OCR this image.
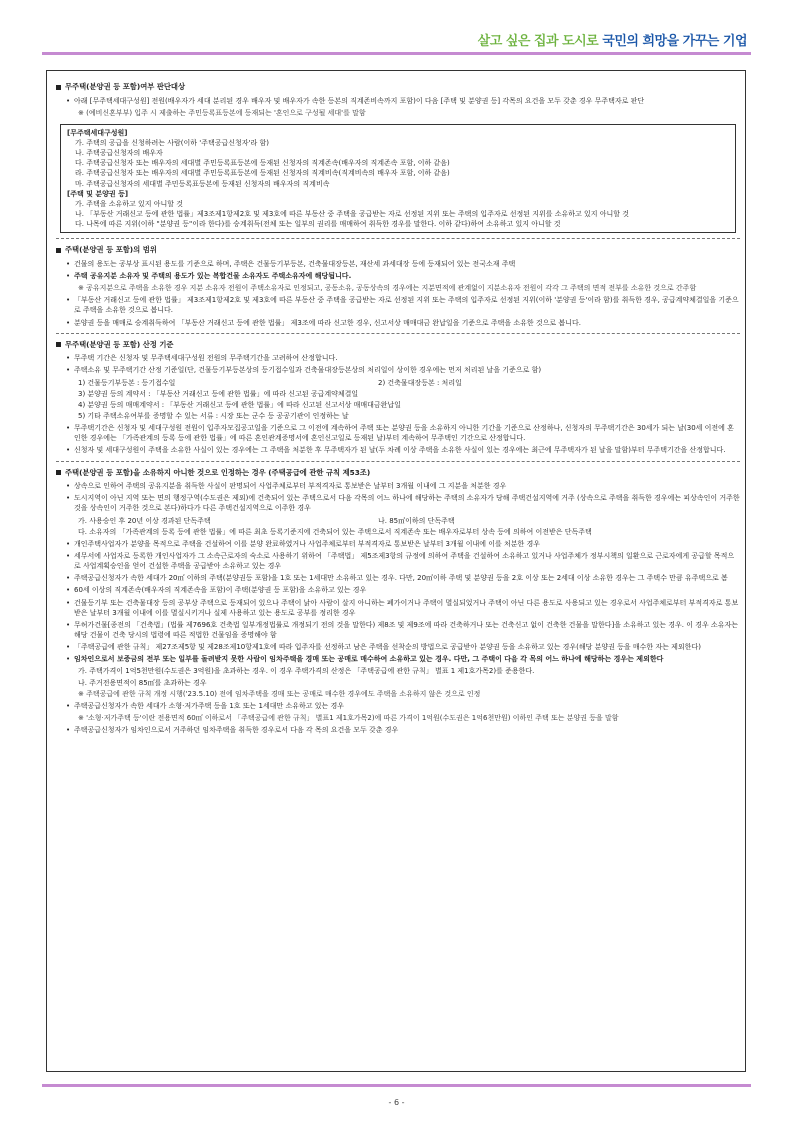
살고 싶은 집과 도시로 국민의 희망을 가꾸는 기업
무주택(분양권 등 포함)여부 판단대상
• 아래 [무주택세대구성원] 전원(배우자가 세대 분리된 경우 배우자 및 배우자가 속한 등본의 직계존비속까지 포함)이 다음 [주택 및 분양권 등] 각목의 요건을 모두 갖춘 경우 무주택자로 판단
※ (예비신혼부부) 입주 시 제출하는 주민등록표등본에 등재되는 '혼인으로 구성될 세대'를 말함
[무주택세대구성원]
가. 주택의 공급을 신청하려는 사람(이하 '주택공급신청자'라 함)
나. 주택공급신청자의 배우자
다. 주택공급신청자 또는 배우자의 세대별 주민등록표등본에 등재된 신청자의 직계존속(배우자의 직계존속 포함, 이하 같음)
라. 주택공급신청자 또는 배우자의 세대별 주민등록표등본에 등재된 신청자의 직계비속(직계비속의 배우자 포함, 이하 같음)
마. 주택공급신청자의 세대별 주민등록표등본에 등재된 신청자의 배우자의 직계비속
[주택 및 분양권 등]
가. 주택을 소유하고 있지 아니할 것
나. 「부동산 거래신고 등에 관한 법률」제3조제1항제2호 및 제3호에 따른 부동산 중 주택을 공급받는 자로 선정된 지위 또는 주택의 입주자로 선정된 지위를 소유하고 있지 아니할 것
다. 나목에 따른 지위(이하 "분양권 등"이라 한다)를 승계취득(전체 또는 일부의 권리를 매매하여 취득한 경우를 말한다. 이하 같다)하여 소유하고 있지 아니할 것
주택(분양권 등 포함)의 범위
• 건물의 용도는 공부상 표시된 용도를 기준으로 하며, 주택은 건물등기부등본, 건축물대장등본, 재산세 과세대장 등에 등재되어 있는 전국소재 주택
• 주택 공유지분 소유자 및 주택의 용도가 있는 복합건물 소유자도 주택소유자에 해당됩니다.
※ 공유지분으로 주택을 소유한 경우 지분 소유자 전원이 주택소유자로 인정되고, 공동소유, 공동상속의 경우에는 지분면적에 관계없이 지분소유자 전원이 각각 그 주택의 면적 전부를 소유한 것으로 간주함
• 「부동산 거래신고 등에 관한 법률」 제3조제1항제2호 및 제3호에 따른 부동산 중 주택을 공급받는 자로 선정된 지위 또는 주택의 입주자로 선정된 지위(이하 '분양권 등'이라 함)를 취득한 경우, 공급계약체결일을 기준으로 주택을 소유한 것으로 봅니다.
• 분양권 등을 매매로 승계취득하여 「부동산 거래신고 등에 관한 법률」 제3조에 따라 신고한 경우, 신고서상 매매대금 완납일을 기준으로 주택을 소유한 것으로 봅니다.
무주택(분양권 등 포함) 산정 기준
• 무주택 기간은 신청자 및 무주택세대구성원 전원의 무주택기간을 고려하여 산정합니다.
• 주택소유 및 무주택기간 산정 기준일(단, 건물등기부등본상의 등기접수일과 건축물대장등본상의 처리일이 상이한 경우에는 먼저 처리된 날을 기준으로 함)
1) 건물등기부등본 : 등기접수일	2) 건축물대장등본 : 처리일
3) 분양권 등의 계약서 : 「부동산 거래신고 등에 관한 법률」에 따라 신고된 공급계약체결일
4) 분양권 등의 매매계약서 : 「부동산 거래신고 등에 관한 법률」에 따라 신고된 신고서상 매매대금완납일
5) 기타 주택소유여부를 증명할 수 있는 서류 : 시장 또는 군수 등 공공기관이 인정하는 날
• 무주택기간은 신청자 및 세대구성원 전원이 입주자모집공고일을 기준으로 그 이전에 계속하여 주택 또는 분양권 등을 소유하지 아니한 기간을 기준으로 산정하나, 신청자의 무주택기간은 30세가 되는 날(30세 이전에 혼인한 경우에는 「가족관계의 등록 등에 관한 법률」에 따른 혼인관계증명서에 혼인신고일로 등재된 날)부터 계속하여 무주택인 기간으로 산정합니다.
• 신청자 및 세대구성원이 주택을 소유한 사실이 있는 경우에는 그 주택을 처분한 후 무주택자가 된 날(두 차례 이상 주택을 소유한 사실이 있는 경우에는 최근에 무주택자가 된 날을 말함)부터 무주택기간을 산정합니다.
주택(분양권 등 포함)을 소유하지 아니한 것으로 인정하는 경우 (주택공급에 관한 규칙 제53조)
• 상속으로 인하여 주택의 공유지분을 취득한 사실이 판명되어 사업주체로부터 부적격자로 통보받은 날부터 3개월 이내에 그 지분을 처분한 경우
• 도시지역이 아닌 지역 또는 면의 행정구역(수도권은 제외)에 건축되어 있는 주택으로서 다음 각목의 어느 하나에 해당하는 주택의 소유자가 당해 주택건설지역에 거주 (상속으로 주택을 취득한 경우에는 피상속인이 거주한 것을 상속인이 거주한 것으로 본다)하다가 다른 주택건설지역으로 이주한 경우
가. 사용승인 후 20년 이상 경과된 단독주택	나. 85㎡이하의 단독주택
다. 소유자의 「가족관계의 등록 등에 관한 법률」에 따른 최초 등록기준지에 건축되어 있는 주택으로서 직계존속 또는 배우자로부터 상속 등에 의하여 이전받은 단독주택
• 개인주택사업자가 분양을 목적으로 주택을 건설하여 이를 분양 완료하였거나 사업주체로부터 부적격자로 통보받은 날부터 3개월 이내에 이를 처분한 경우
• 세무서에 사업자로 등록한 개인사업자가 그 소속근로자의 숙소로 사용하기 위하여 「주택법」 제5조제3항의 규정에 의하여 주택을 건설하여 소유하고 있거나 사업주체가 정부시책의 일환으로 근로자에게 공급할 목적으로 사업계획승인을 얻어 건설한 주택을 공급받아 소유하고 있는 경우
• 주택공급신청자가 속한 세대가 20㎡ 이하의 주택(분양권등 포함)을 1호 또는 1세대만 소유하고 있는 경우. 다만, 20㎡이하 주택 및 분양권 등을 2호 이상 또는 2세대 이상 소유한 경우는 그 주택수 만큼 유주택으로 봄
• 60세 이상의 직계존속(배우자의 직계존속을 포함)이 주택(분양권 등 포함)을 소유하고 있는 경우
• 건물등기부 또는 건축물대장 등의 공부상 주택으로 등재되어 있으나 주택이 낡아 사람이 살지 아니하는 폐가이거나 주택이 멸실되었거나 주택이 아닌 다른 용도로 사용되고 있는 경우로서 사업주체로부터 부적격자로 통보받은 날부터 3개월 이내에 이를 멸실시키거나 실제 사용하고 있는 용도로 공부를 정리한 경우
• 무허가건물[종전의 「건축법」(법률 제7696호 건축법 일부개정법률로 개정되기 전의 것을 말한다) 제8조 및 제9조에 따라 건축하거나 또는 건축신고 없이 건축한 건물을 말한다]을 소유하고 있는 경우. 이 경우 소유자는 해당 건물이 건축 당시의 법령에 따른 적법한 건물임을 증명해야 함
• 「주택공급에 관한 규칙」 제27조제5항 및 제28조제10항제1호에 따라 입주자를 선정하고 남은 주택을 선착순의 방법으로 공급받아 분양권 등을 소유하고 있는 경우(해당 분양권 등을 매수한 자는 제외한다)
• 임차인으로서 보증금의 전부 또는 일부를 돌려받지 못한 사람이 임차주택을 경매 또는 공매로 매수하여 소유하고 있는 경우. 다만, 그 주택이 다음 각 목의 어느 하나에 해당하는 경우는 제외한다
가. 주택가격이 1억5천만원(수도권은 3억원)을 초과하는 경우. 이 경우 주택가격의 산정은 「주택공급에 관한 규칙」 별표 1 제1호가목2)를 준용한다.
나. 주거전용면적이 85㎡를 초과하는 경우
※ 주택공급에 관한 규칙 개정 시행('23.5.10) 전에 임차주택을 경매 또는 공매로 매수한 경우에도 주택을 소유하지 않은 것으로 인정
• 주택공급신청자가 속한 세대가 소형·저가주택 등을 1호 또는 1세대만 소유하고 있는 경우
※ '소형·저가주택 등'이란 전용면적 60㎡ 이하로서 「주택공급에 관한 규칙」 별표1 제1호가목2)에 따른 가격이 1억원(수도권은 1억6천만원) 이하인 주택 또는 분양권 등을 말함
• 주택공급신청자가 임차인으로서 거주하던 임차주택을 취득한 경우로서 다음 각 목의 요건을 모두 갖춘 경우
- 6 -
